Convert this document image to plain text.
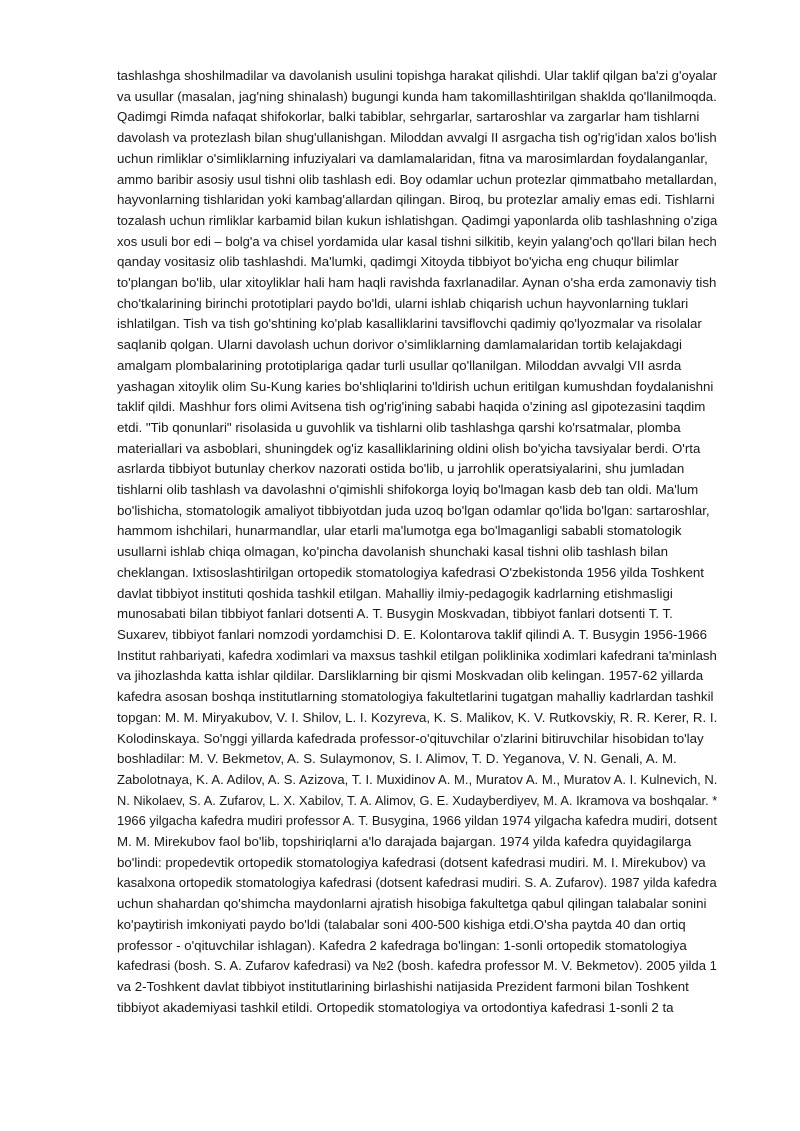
tashlashga shoshilmadilar va davolanish usulini topishga harakat qilishdi. Ular taklif qilgan ba'zi g'oyalar
va usullar (masalan, jag'ning shinalash) bugungi kunda ham takomillashtirilgan shaklda qo'llanilmoqda.
Qadimgi Rimda nafaqat shifokorlar, balki tabiblar, sehrgarlar, sartaroshlar va zargarlar ham tishlarni
davolash va protezlash bilan shug'ullanishgan. Miloddan avvalgi II asrgacha tish og'rig'idan xalos bo'lish
uchun rimliklar o'simliklarning infuziyalari va damlamalaridan, fitna va marosimlardan foydalanganlar,
ammo baribir asosiy usul tishni olib tashlash edi. Boy odamlar uchun protezlar qimmatbaho metallardan,
hayvonlarning tishlaridan yoki kambag'allardan qilingan. Biroq, bu protezlar amaliy emas edi. Tishlarni
tozalash uchun rimliklar karbamid bilan kukun ishlatishgan. Qadimgi yaponlarda olib tashlashning o'ziga
xos usuli bor edi – bolg'a va chisel yordamida ular kasal tishni silkitib, keyin yalang'och qo'llari bilan hech
qanday vositasiz olib tashlashdi. Ma'lumki, qadimgi Xitoyda tibbiyot bo'yicha eng chuqur bilimlar
to'plangan bo'lib, ular xitoyliklar hali ham haqli ravishda faxrlanadilar. Aynan o'sha erda zamonaviy tish
cho'tkalarining birinchi prototiplari paydo bo'ldi, ularni ishlab chiqarish uchun hayvonlarning tuklari
ishlatilgan. Tish va tish go'shtining ko'plab kasalliklarini tavsiflovchi qadimiy qo'lyozmalar va risolalar
saqlanib qolgan. Ularni davolash uchun dorivor o'simliklarning damlamalaridan tortib kelajakdagi
amalgam plombalarining prototiplariga qadar turli usullar qo'llanilgan. Miloddan avvalgi VII asrda
yashagan xitoylik olim Su-Kung karies bo'shliqlarini to'ldirish uchun eritilgan kumushdan foydalanishni
taklif qildi. Mashhur fors olimi Avitsena tish og'rig'ining sababi haqida o'zining asl gipotezasini taqdim
etdi. "Tib qonunlari" risolasida u guvohlik va tishlarni olib tashlashga qarshi ko'rsatmalar, plomba
materiallari va asboblari, shuningdek og'iz kasalliklarining oldini olish bo'yicha tavsiyalar berdi. O'rta
asrlarda tibbiyot butunlay cherkov nazorati ostida bo'lib, u jarrohlik operatsiyalarini, shu jumladan
tishlarni olib tashlash va davolashni o'qimishli shifokorga loyiq bo'lmagan kasb deb tan oldi. Ma'lum
bo'lishicha, stomatologik amaliyot tibbiyotdan juda uzoq bo'lgan odamlar qo'lida bo'lgan: sartaroshlar,
hammom ishchilari, hunarmandlar, ular etarli ma'lumotga ega bo'lmaganligi sababli stomatologik
usullarni ishlab chiqa olmagan, ko'pincha davolanish shunchaki kasal tishni olib tashlash bilan
cheklangan. Ixtisoslashtirilgan ortopedik stomatologiya kafedrasi O'zbekistonda 1956 yilda Toshkent
davlat tibbiyot instituti qoshida tashkil etilgan. Mahalliy ilmiy-pedagogik kadrlarning etishmasligi
munosabati bilan tibbiyot fanlari dotsenti A. T. Busygin Moskvadan, tibbiyot fanlari dotsenti T. T.
Suxarev, tibbiyot fanlari nomzodi yordamchisi D. E. Kolontarova taklif qilindi A. T. Busygin 1956-1966
Institut rahbariyati, kafedra xodimlari va maxsus tashkil etilgan poliklinika xodimlari kafedrani ta'minlash
va jihozlashda katta ishlar qildilar. Darsliklarning bir qismi Moskvadan olib kelingan. 1957-62 yillarda
kafedra asosan boshqa institutlarning stomatologiya fakultetlarini tugatgan mahalliy kadrlardan tashkil
topgan: M. M. Miryakubov, V. I. Shilov, L. I. Kozyreva, K. S. Malikov, K. V. Rutkovskiy, R. R. Kerer, R. I.
Kolodinskaya. So'nggi yillarda kafedrada professor-o'qituvchilar o'zlarini bitiruvchilar hisobidan to'lay
boshladilar: M. V. Bekmetov, A. S. Sulaymonov, S. I. Alimov, T. D. Yeganova, V. N. Genali, A. M.
Zabolotnaya, K. A. Adilov, A. S. Azizova, T. I. Muxidinov A. M., Muratov A. M., Muratov A. I. Kulnevich, N.
N. Nikolaev, S. A. Zufarov, L. X. Xabilov, T. A. Alimov, G. E. Xudayberdiyev, M. A. Ikramova va boshqalar. *
1966 yilgacha kafedra mudiri professor A. T. Busygina, 1966 yildan 1974 yilgacha kafedra mudiri, dotsent
M. M. Mirekubov faol bo'lib, topshiriqlarni a'lo darajada bajargan. 1974 yilda kafedra quyidagilarga
bo'lindi: propedevtik ortopedik stomatologiya kafedrasi (dotsent kafedrasi mudiri. M. I. Mirekubov) va
kasalxona ortopedik stomatologiya kafedrasi (dotsent kafedrasi mudiri. S. A. Zufarov). 1987 yilda kafedra
uchun shahardan qo'shimcha maydonlarni ajratish hisobiga fakultetga qabul qilingan talabalar sonini
ko'paytirish imkoniyati paydo bo'ldi (talabalar soni 400-500 kishiga etdi.O'sha paytda 40 dan ortiq
professor - o'qituvchilar ishlagan). Kafedra 2 kafedraga bo'lingan: 1-sonli ortopedik stomatologiya
kafedrasi (bosh. S. A. Zufarov kafedrasi) va №2 (bosh. kafedra professor M. V. Bekmetov). 2005 yilda 1
va 2-Toshkent davlat tibbiyot institutlarining birlashishi natijasida Prezident farmoni bilan Toshkent
tibbiyot akademiyasi tashkil etildi. Ortopedik stomatologiya va ortodontiya kafedrasi 1-sonli 2 ta
